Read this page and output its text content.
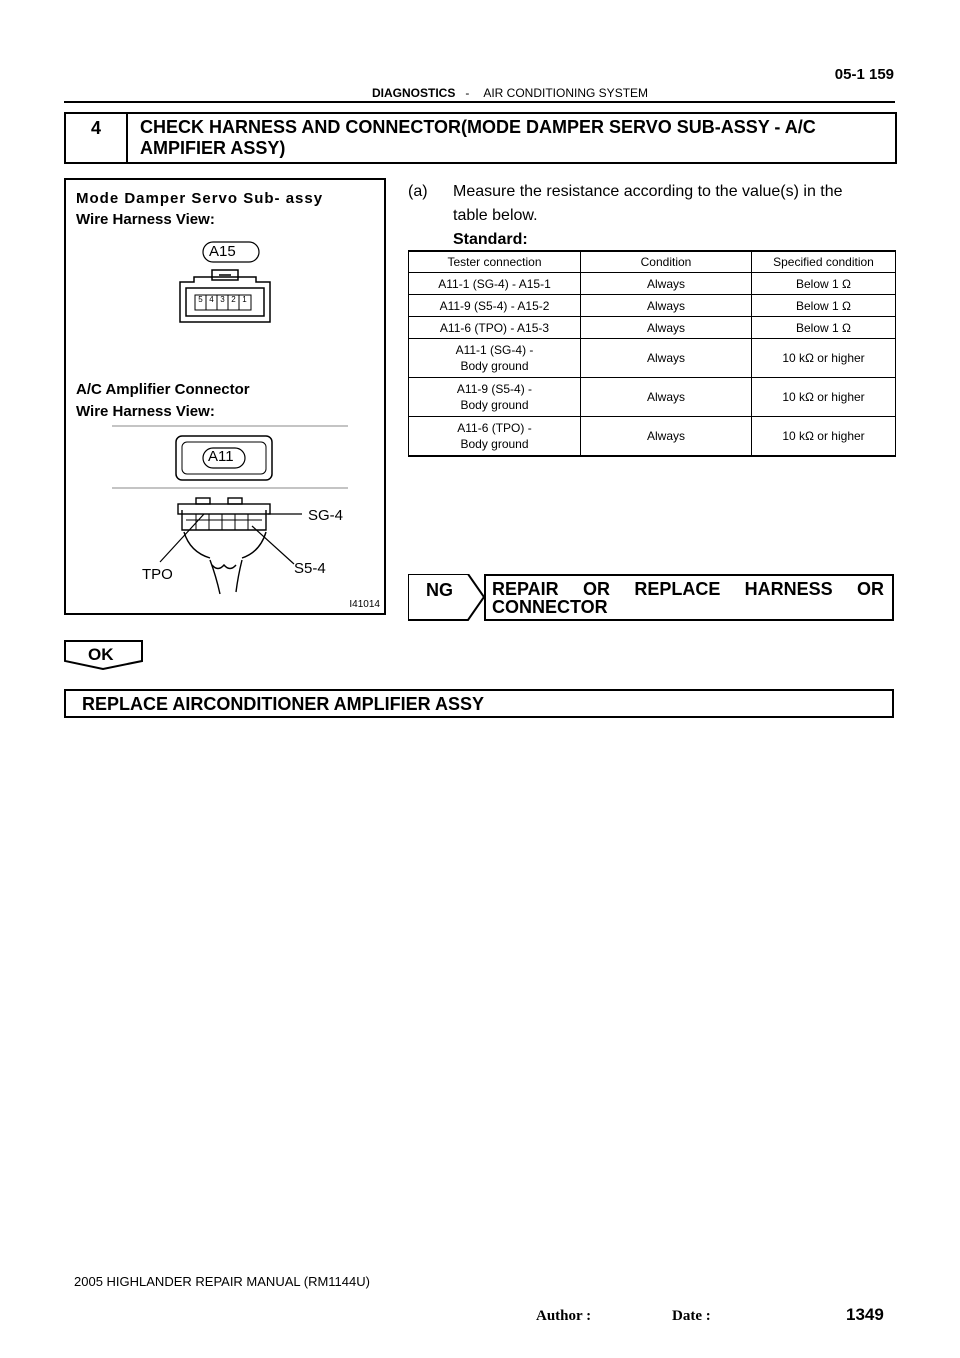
05-1 159
DIAGNOSTICS - AIR CONDITIONING SYSTEM
4	CHECK HARNESS AND CONNECTOR(MODE DAMPER SERVO SUB-ASSY - A/C AMPIFIER ASSY)
Mode Damper Servo Sub- assy
Wire Harness View:
A15
5 4 3 2 1
A/C Amplifier Connector
Wire Harness View:
A11
SG-4
S5-4
TPO
I41014
(a) Measure the resistance according to the value(s) in the
table below.
Standard:
Tester connection	Condition	Specified condition
A11-1 (SG-4) - A15-1	Always	Below 1 Ω
A11-9 (S5-4) - A15-2	Always	Below 1 Ω
A11-6 (TPO) - A15-3	Always	Below 1 Ω

A11-1 (SG-4) -
Body ground	Always	10 kΩ or higher

A11-9 (S5-4) -
Body ground	Always	10 kΩ or higher

A11-6 (TPO) -
Body ground	Always	10 kΩ or higher
NG REPAIR OR REPLACE HARNESS OR CONNECTOR
OK
REPLACE AIRCONDITIONER AMPLIFIER ASSY
2005 HIGHLANDER REPAIR MANUAL (RM1144U)
Author :	Date :	1349
